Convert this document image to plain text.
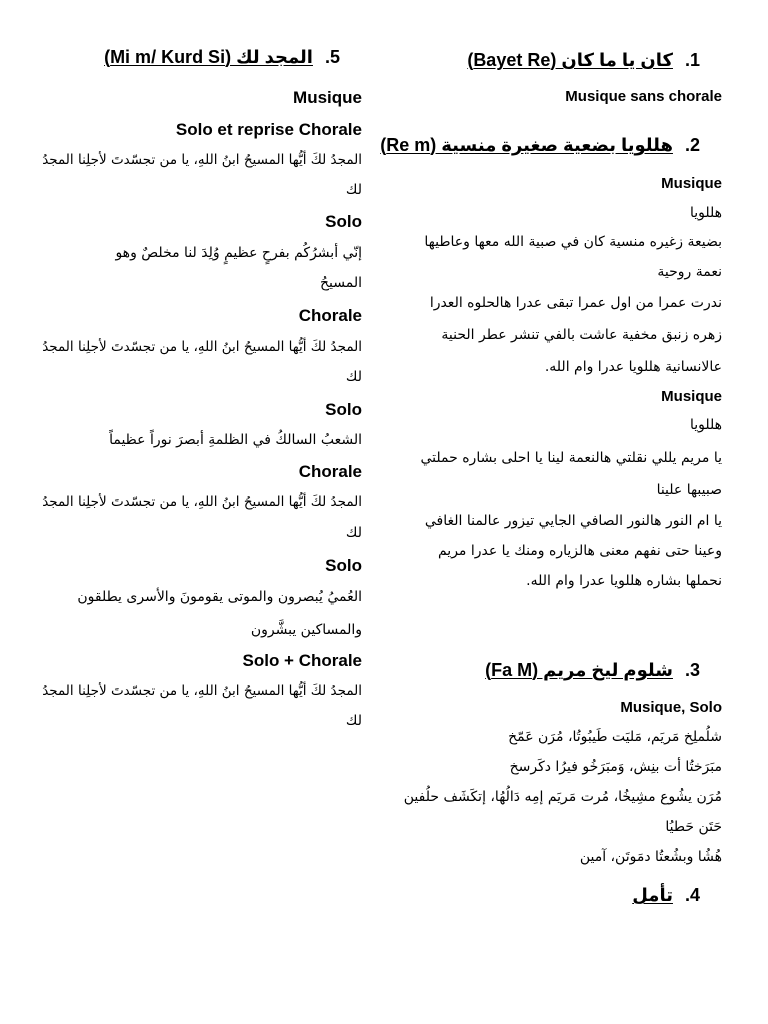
1.كان يا ما كان (Bayet Re)
Musique sans chorale
2.هللويا بضعية صغيرة منسية (Re m)
Musique
هللويا
بضيعة زغيره منسية كان في صبية الله معها وعاطيها
نعمة روحية
ندرت عمرا من اول عمرا تبقى عدرا هالحلوه العدرا
زهره زنبق مخفية عاشت بالفي تنشر عطر الحنية
عالانسانية هللويا عدرا وام الله.
Musique
هللويا
يا مريم يللي نقلتي هالنعمة لينا يا احلى بشاره حملتي
صبيبها علينا
يا ام النور هالنور الصافي الجايي تيزور عالمنا الغافي
وعينا حتى نفهم معنى هالزياره ومنك يا عدرا مريم
نحملها بشاره هللويا عدرا وام الله.
3.شلوم ليخ مريم (Fa M)
Musique, Solo
شلُملِخ مَريَم، مَليَت طَيبُوتُا، مُرَن عَمّخ
مبَرَختُا أت بنِش، وَمبَرَخُو فيرُا دكَرسخ
مُرَن يشُوع مشِيخُا، مُرت مَريَم إمِه دَالُهُا، إتكَشَف حلُفين
حَتَن حَطيُا
هُشُا وبشُعتُا دمَوتَن، آمين
4.تأمل
5.المجد لك (Mi m/ Kurd Si)
Musique
Solo et reprise Chorale
المجدُ لكَ أيُّها المسيحُ ابنُ اللهِ، يا من تجسّدتَ لأجلِنا المجدُ
لك
Solo
إنّي أبشرُكُم بفرحٍ عظيمٍ وُلِدَ لنا مخلصٌ وهو
المسيحُ
Chorale
المجدُ لكَ أيُّها المسيحُ ابنُ اللهِ، يا من تجسّدتَ لأجلِنا المجدُ
لك
Solo
الشعبُ السالكُ في الظلمةِ أبصرَ نوراً عظيماً
Chorale
المجدُ لكَ أيُّها المسيحُ ابنُ اللهِ، يا من تجسّدتَ لأجلِنا المجدُ
لك
Solo
العُميُ يُبصرون والموتى يقومونَ والأسرى يطلقون
والمساكين يبشَّرون
Solo + Chorale
المجدُ لكَ أيُّها المسيحُ ابنُ اللهِ، يا من تجسّدتَ لأجلِنا المجدُ
لك
